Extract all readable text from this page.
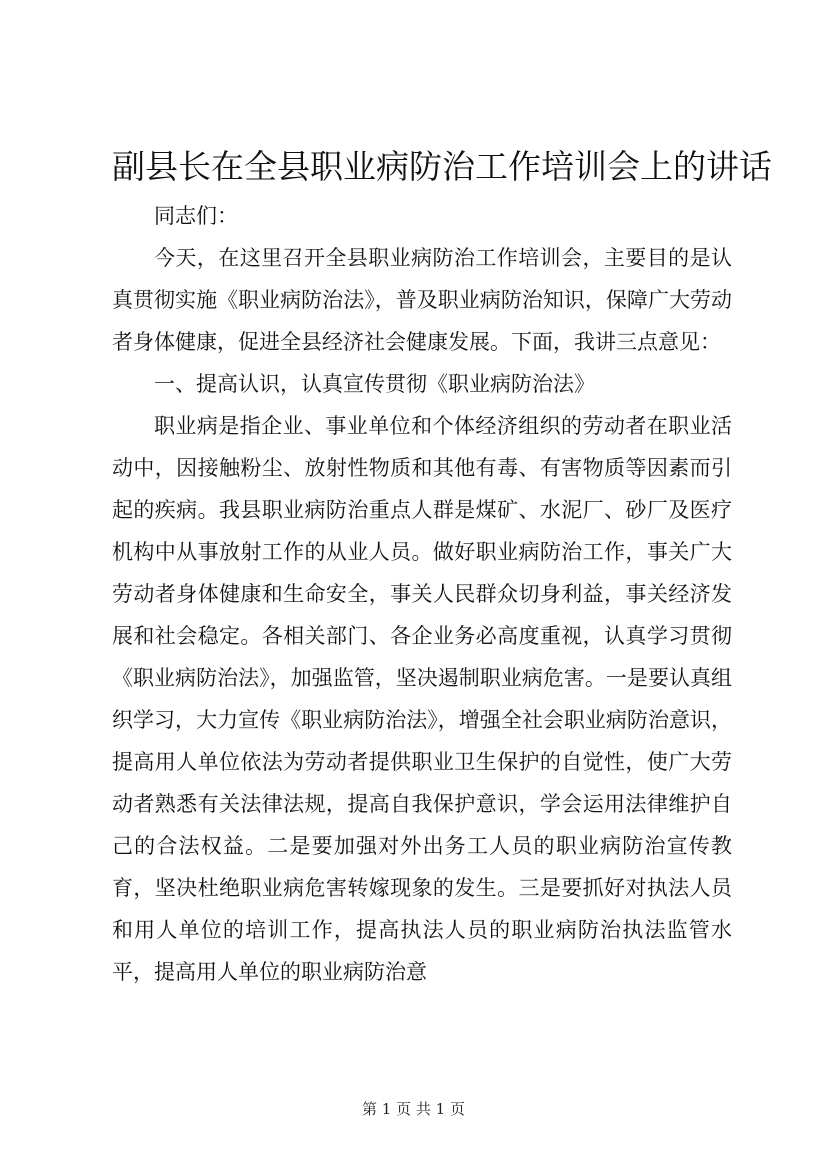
副县长在全县职业病防治工作培训会上的讲话

同志们：

今天，在这里召开全县职业病防治工作培训会，主要目的是认真贯彻实施《职业病防治法》，普及职业病防治知识，保障广大劳动者身体健康，促进全县经济社会健康发展。下面，我讲三点意见：

一、提高认识，认真宣传贯彻《职业病防治法》

职业病是指企业、事业单位和个体经济组织的劳动者在职业活动中，因接触粉尘、放射性物质和其他有毒、有害物质等因素而引起的疾病。我县职业病防治重点人群是煤矿、水泥厂、砂厂及医疗机构中从事放射工作的从业人员。做好职业病防治工作，事关广大劳动者身体健康和生命安全，事关人民群众切身利益，事关经济发展和社会稳定。各相关部门、各企业务必高度重视，认真学习贯彻《职业病防治法》，加强监管，坚决遏制职业病危害。一是要认真组织学习，大力宣传《职业病防治法》，增强全社会职业病防治意识，提高用人单位依法为劳动者提供职业卫生保护的自觉性，使广大劳动者熟悉有关法律法规，提高自我保护意识，学会运用法律维护自己的合法权益。二是要加强对外出务工人员的职业病防治宣传教育，坚决杜绝职业病危害转嫁现象的发生。三是要抓好对执法人员和用人单位的培训工作，提高执法人员的职业病防治执法监管水平，提高用人单位的职业病防治意

第 1 页 共 1 页
